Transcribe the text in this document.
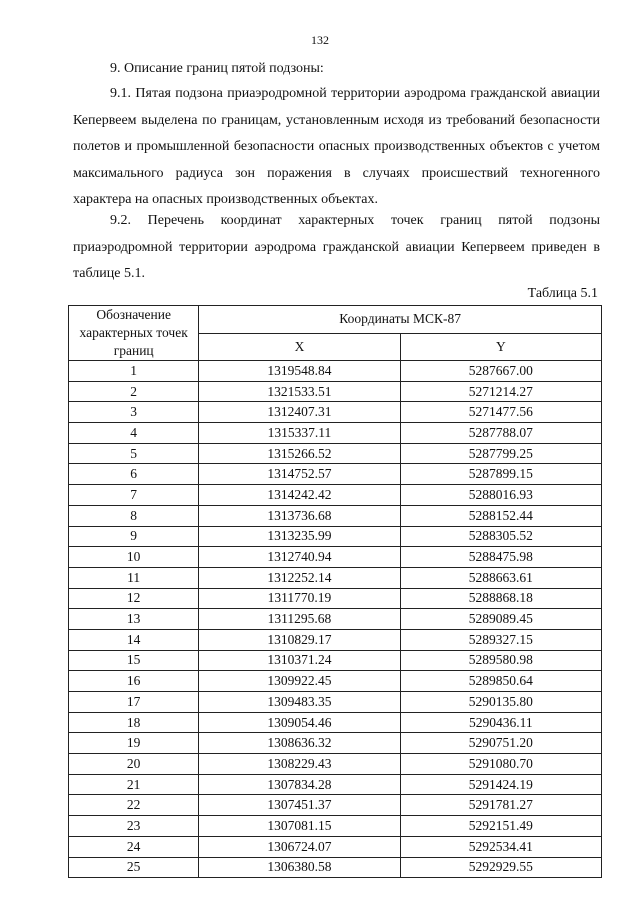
132
9. Описание границ пятой подзоны:

9.1. Пятая подзона приаэродромной территории аэродрома гражданской авиации Кепервеем выделена по границам, установленным исходя из требований безопасности полетов и промышленной безопасности опасных производственных объектов с учетом максимального радиуса зон поражения в случаях происшествий техногенного характера на опасных производственных объектах.

9.2. Перечень координат характерных точек границ пятой подзоны приаэродромной территории аэродрома гражданской авиации Кепервеем приведен в таблице 5.1.

Таблица 5.1
Обозначение характерных точек границ	Координаты МСК-87	
	X	Y
1	1319548.84	5287667.00
2	1321533.51	5271214.27
3	1312407.31	5271477.56
4	1315337.11	5287788.07
5	1315266.52	5287799.25
6	1314752.57	5287899.15
7	1314242.42	5288016.93
8	1313736.68	5288152.44
9	1313235.99	5288305.52
10	1312740.94	5288475.98
11	1312252.14	5288663.61
12	1311770.19	5288868.18
13	1311295.68	5289089.45
14	1310829.17	5289327.15
15	1310371.24	5289580.98
16	1309922.45	5289850.64
17	1309483.35	5290135.80
18	1309054.46	5290436.11
19	1308636.32	5290751.20
20	1308229.43	5291080.70
21	1307834.28	5291424.19
22	1307451.37	5291781.27
23	1307081.15	5292151.49
24	1306724.07	5292534.41
25	1306380.58	5292929.55
